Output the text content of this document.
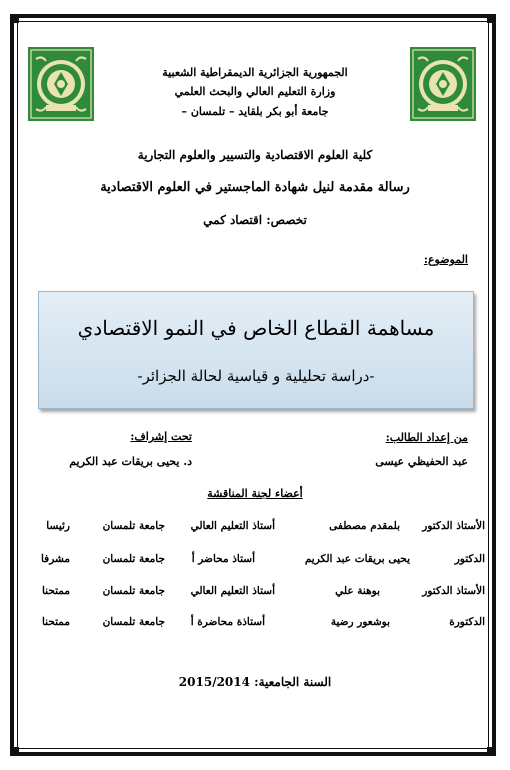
الجمهورية الجزائرية الديمقراطية الشعبية
وزارة التعليم العالي والبحث العلمي
جامعة أبو بكر بلقايد – تلمسان –
كلية العلوم الاقتصادية والتسيير والعلوم التجارية
رسالة مقدمة لنيل شهادة الماجستير في العلوم الاقتصادية
تخصص: اقتصاد كمي
الموضوع:
مساهمة القطاع الخاص في النمو الاقتصادي
-دراسة تحليلية و قياسية لحالة الجزائر-
من إعداد الطالب:
عبد الحفيظي عيسى
تحت إشراف:
د. يحيى بريقات عبد الكريم
أعضاء لجنة المناقشة
الأستاذ الدكتور
بلمقدم مصطفى
أستاذ التعليم العالي
جامعة تلمسان
رئيسا
الدكتور
يحيى بريقات عبد الكريم
أستاذ محاضر أ
جامعة تلمسان
مشرفا
الأستاذ الدكتور
بوهنة علي
أستاذ التعليم العالي
جامعة تلمسان
ممتحنا
الدكتورة
بوشعور رضية
أستاذة محاضرة أ
جامعة تلمسان
ممتحنا
السنة الجامعية: 2015/2014
